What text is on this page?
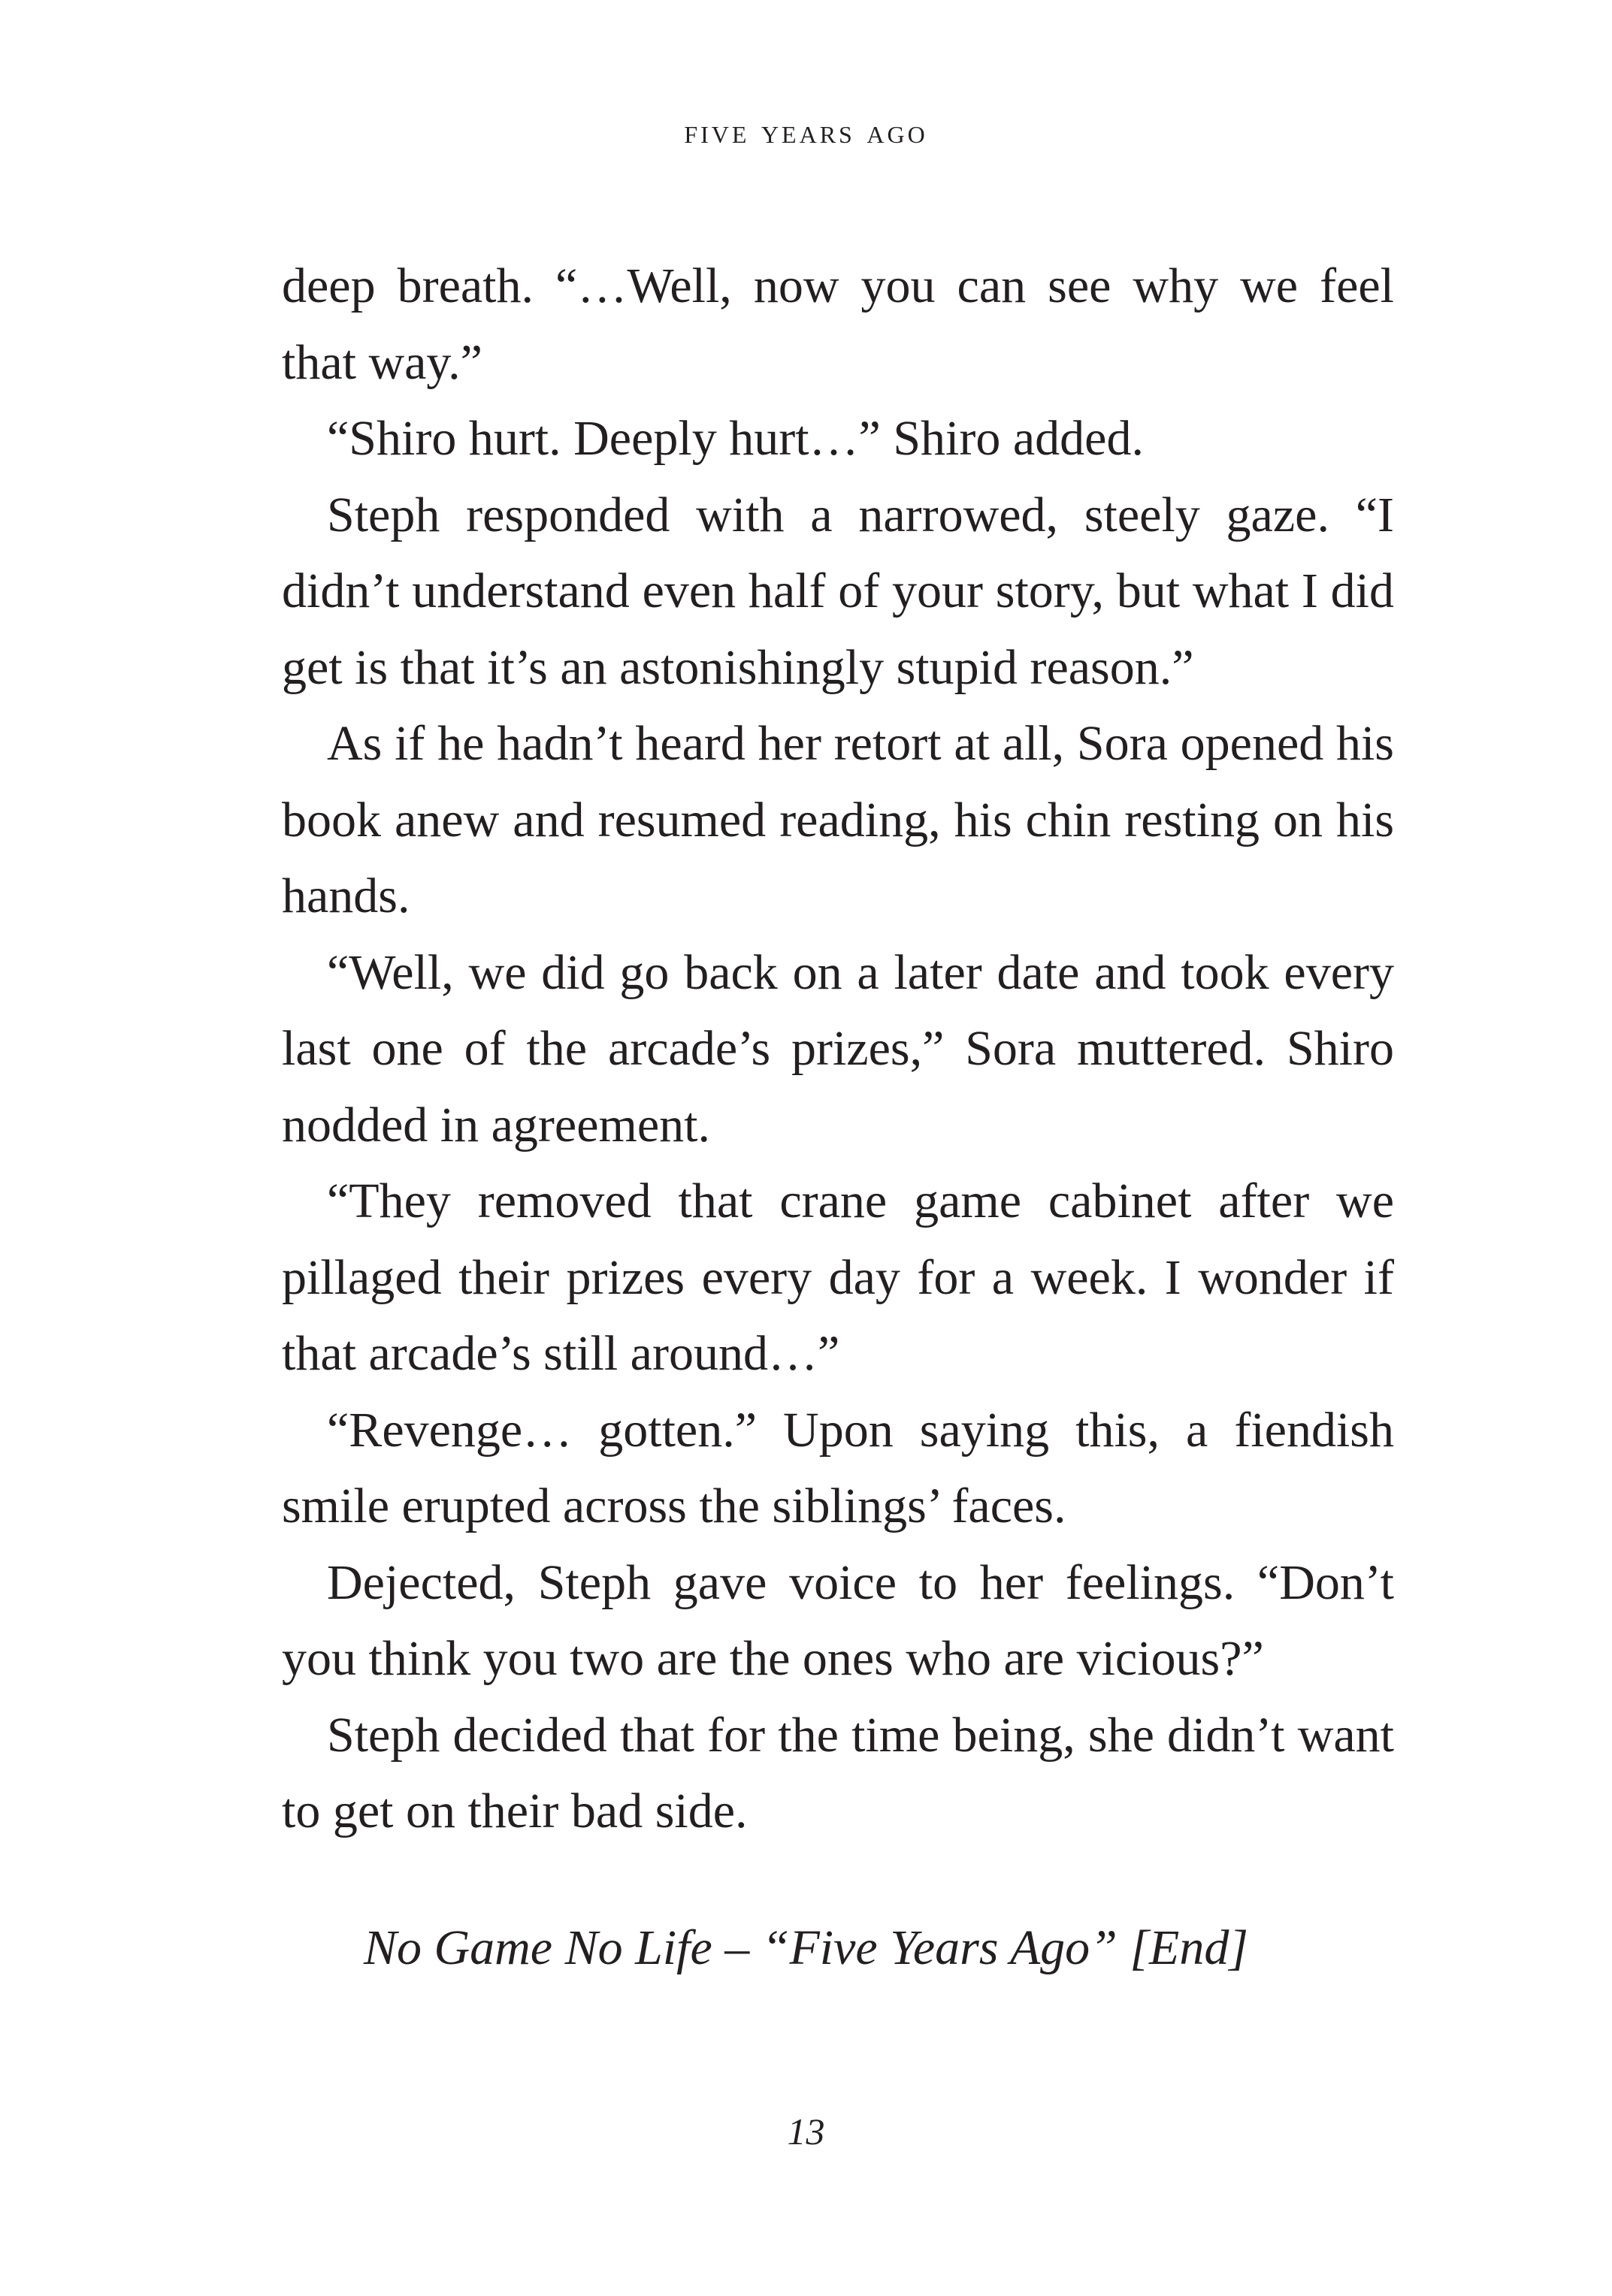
five years ago

deep breath. “…Well, now you can see why we feel that way.”

“Shiro hurt. Deeply hurt…” Shiro added.

Steph responded with a narrowed, steely gaze. “I didn’t understand even half of your story, but what I did get is that it’s an astonishingly stupid reason.”

As if he hadn’t heard her retort at all, Sora opened his book anew and resumed reading, his chin resting on his hands.

“Well, we did go back on a later date and took every last one of the arcade’s prizes,” Sora muttered. Shiro nodded in agreement.

“They removed that crane game cabinet after we pillaged their prizes every day for a week. I wonder if that arcade’s still around…”

“Revenge… gotten.” Upon saying this, a fiendish smile erupted across the siblings’ faces.

Dejected, Steph gave voice to her feelings. “Don’t you think you two are the ones who are vicious?”

Steph decided that for the time being, she didn’t want to get on their bad side.

No Game No Life – “Five Years Ago” [End]
13
